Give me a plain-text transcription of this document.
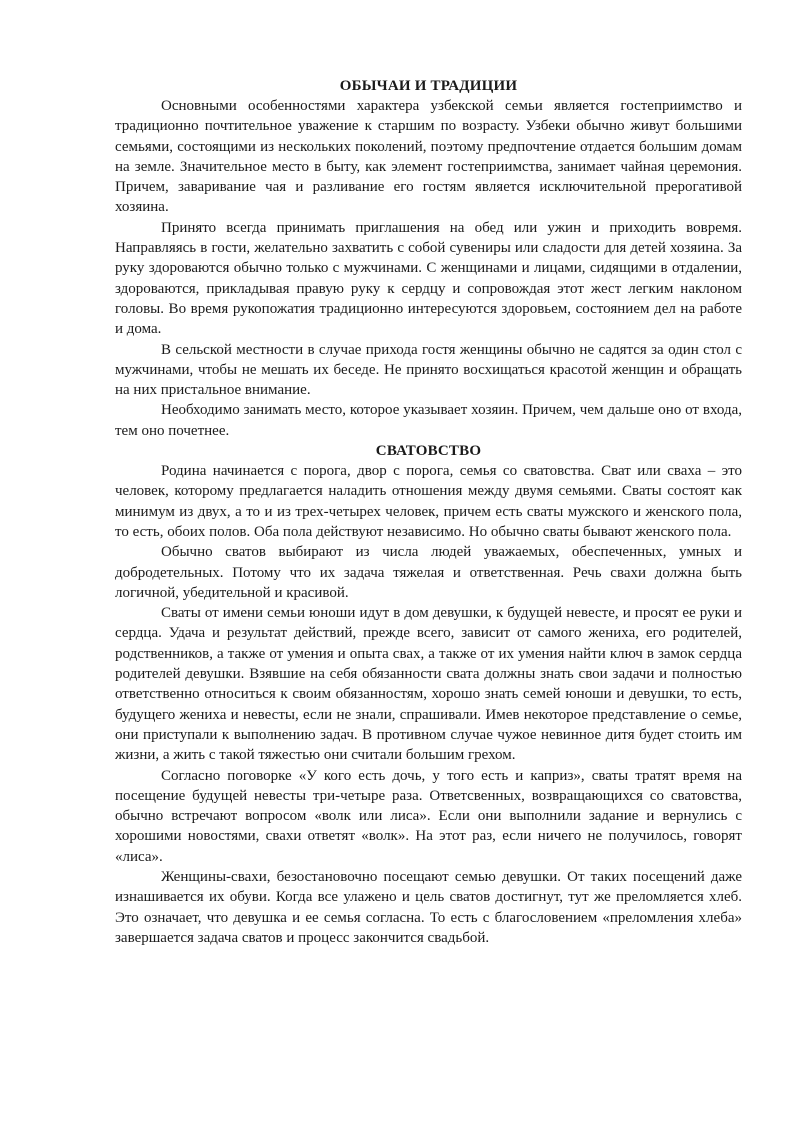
ОБЫЧАИ И ТРАДИЦИИ

Основными особенностями характера узбекской семьи является гостеприимство и традиционно почтительное уважение к старшим по возрасту. Узбеки обычно живут большими семьями, состоящими из нескольких поколений, поэтому предпочтение отдается большим домам на земле. Значительное место в быту, как элемент гостеприимства, занимает чайная церемония. Причем, заваривание чая и разливание его гостям является исключительной прерогативой хозяина.

Принято всегда принимать приглашения на обед или ужин и приходить вовремя. Направляясь в гости, желательно захватить с собой сувениры или сладости для детей хозяина. За руку здороваются обычно только с мужчинами. С женщинами и лицами, сидящими в отдалении, здороваются, прикладывая правую руку к сердцу и сопровождая этот жест легким наклоном головы. Во время рукопожатия традиционно интересуются здоровьем, состоянием дел на работе и дома.

В сельской местности в случае прихода гостя женщины обычно не садятся за один стол с мужчинами, чтобы не мешать их беседе. Не принято восхищаться красотой женщин и обращать на них пристальное внимание.

Необходимо занимать место, которое указывает хозяин. Причем, чем дальше оно от входа, тем оно почетнее.

СВАТОВСТВО

Родина начинается с порога, двор с порога, семья со сватовства. Сват или сваха – это человек, которому предлагается наладить отношения между двумя семьями. Сваты состоят как минимум из двух, а то и из трех-четырех человек, причем есть сваты мужского и женского пола, то есть, обоих полов. Оба пола действуют независимо. Но обычно сваты бывают женского пола.

Обычно сватов выбирают из числа людей уважаемых, обеспеченных, умных и добродетельных. Потому что их задача тяжелая и ответственная. Речь свахи должна быть логичной, убедительной и красивой.

Сваты от имени семьи юноши идут в дом девушки, к будущей невесте, и просят ее руки и сердца. Удача и результат действий, прежде всего, зависит от самого жениха, его родителей, родственников, а также от умения и опыта свах, а также от их умения найти ключ в замок сердца родителей девушки. Взявшие на себя обязанности свата должны знать свои задачи и полностью ответственно относиться к своим обязанностям, хорошо знать семей юноши и девушки, то есть, будущего жениха и невесты, если не знали, спрашивали. Имев некоторое представление о семье, они приступали к выполнению задач. В противном случае чужое невинное дитя будет стоить им жизни, а жить с такой тяжестью они считали большим грехом.

Согласно поговорке «У кого есть дочь, у того есть и каприз», сваты тратят время на посещение будущей невесты три-четыре раза. Ответсвенных, возвращающихся со сватовства, обычно встречают вопросом «волк или лиса». Если они выполнили задание и вернулись с хорошими новостями, свахи ответят «волк». На этот раз, если ничего не получилось, говорят «лиса».

Женщины-свахи, безостановочно посещают семью девушки. От таких посещений даже изнашивается их обуви. Когда все улажено и цель сватов достигнут, тут же преломляется хлеб. Это означает, что девушка и ее семья согласна. То есть с благословением «преломления хлеба» завершается задача сватов и процесс закончится свадьбой.
